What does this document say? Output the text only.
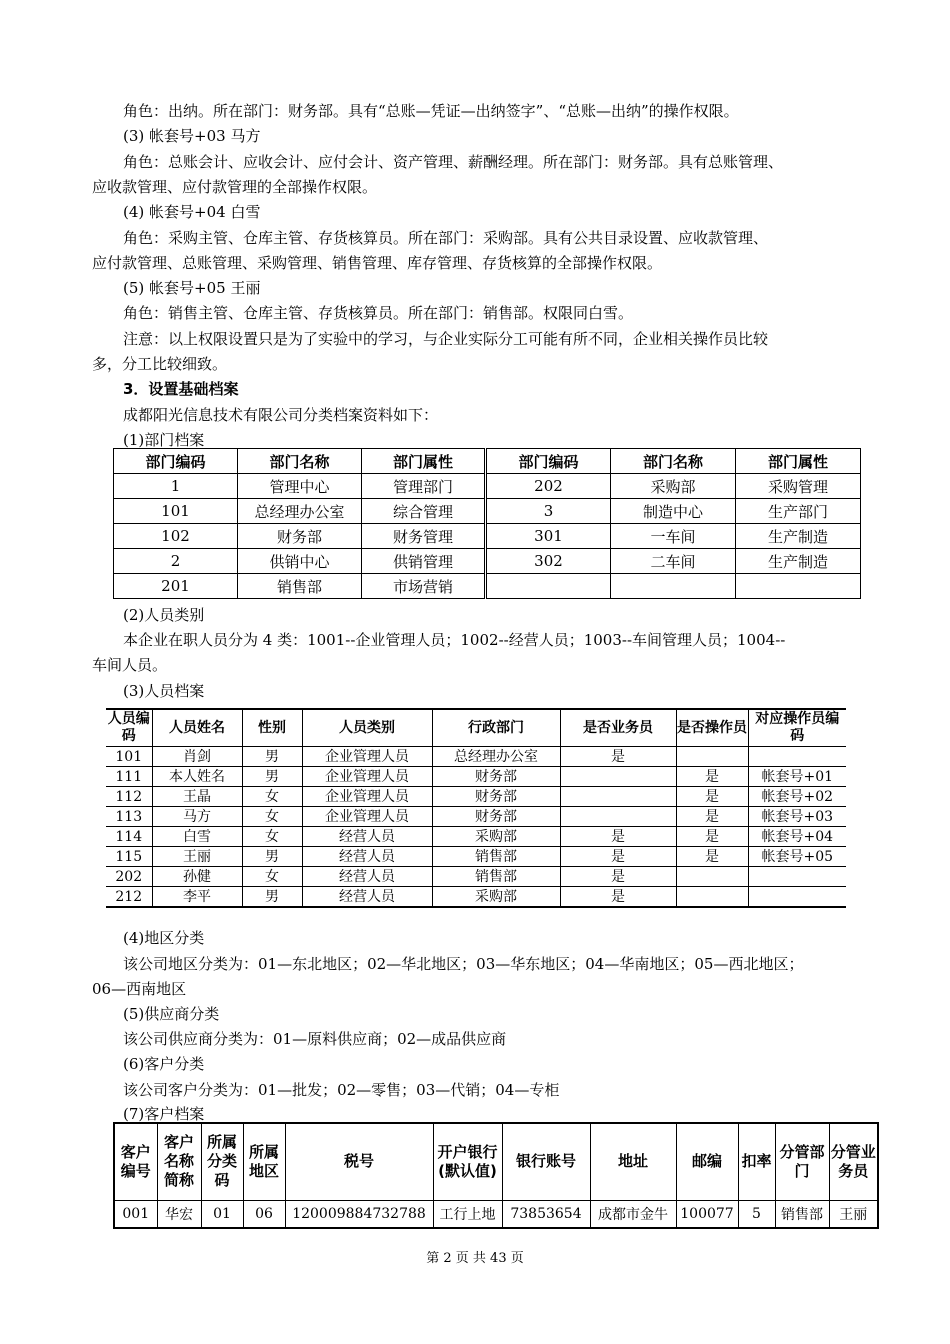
角色：出纳。所在部门：财务部。具有“总账—凭证—出纳签字”、“总账—出纳”的操作权限。
(3) 帐套号+03 马方
角色：总账会计、应收会计、应付会计、资产管理、薪酬经理。所在部门：财务部。具有总账管理、
应收款管理、应付款管理的全部操作权限。
(4) 帐套号+04 白雪
角色：采购主管、仓库主管、存货核算员。所在部门：采购部。具有公共目录设置、应收款管理、
应付款管理、总账管理、采购管理、销售管理、库存管理、存货核算的全部操作权限。
(5) 帐套号+05 王丽
角色：销售主管、仓库主管、存货核算员。所在部门：销售部。权限同白雪。
注意：以上权限设置只是为了实验中的学习，与企业实际分工可能有所不同，企业相关操作员比较
多，分工比较细致。
3．设置基础档案
成都阳光信息技术有限公司分类档案资料如下：
(1)部门档案
部门编码	部门名称	部门属性	部门编码	部门名称	部门属性
1	管理中心	管理部门	202	采购部	采购管理
101	总经理办公室	综合管理	3	制造中心	生产部门
102	财务部	财务管理	301	一车间	生产制造
2	供销中心	供销管理	302	二车间	生产制造
201	销售部	市场营销			
(2)人员类别
本企业在职人员分为 4 类：1001--企业管理人员；1002--经营人员；1003--车间管理人员；1004--
车间人员。
(3)人员档案
人员编码	人员姓名	性别	人员类别	行政部门	是否业务员	是否操作员	对应操作员编码
101	肖剑	男	企业管理人员	总经理办公室	是		
111	本人姓名	男	企业管理人员	财务部		是	帐套号+01
112	王晶	女	企业管理人员	财务部		是	帐套号+02
113	马方	女	企业管理人员	财务部		是	帐套号+03
114	白雪	女	经营人员	采购部	是	是	帐套号+04
115	王丽	男	经营人员	销售部	是	是	帐套号+05
202	孙健	女	经营人员	销售部	是		
212	李平	男	经营人员	采购部	是		
(4)地区分类
该公司地区分类为：01—东北地区；02—华北地区；03—华东地区；04—华南地区；05—西北地区；
06—西南地区
(5)供应商分类
该公司供应商分类为：01—原料供应商；02—成品供应商
(6)客户分类
该公司客户分类为：01—批发；02—零售；03—代销；04—专柜
(7)客户档案
客户编号	客户名称简称	所属分类码	所属地区	税号	开户银行(默认值)	银行账号	地址	邮编	扣率	分管部门	分管业务员
001	华宏	01	06	120009884732788	工行上地	73853654	成都市金牛	100077	5	销售部	王丽
第 2 页 共 43 页
